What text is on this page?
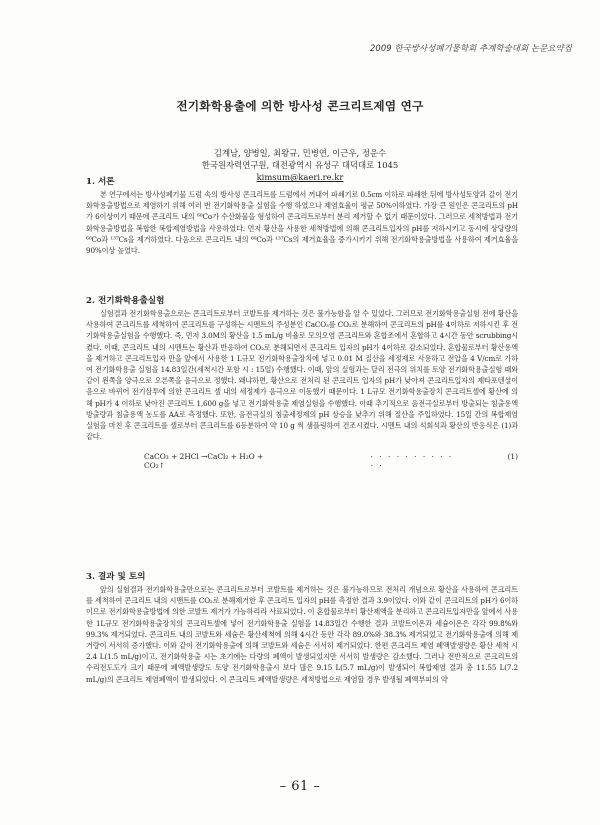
2009 한국방사성폐기물학회 추계학술대회 논문요약집

전기화학용출에 의한 방사성 콘크리트제염 연구

김계남, 양병일, 최왕규, 민병연, 이근우, 정운수
한국원자력연구원, 대전광역시 유성구 대덕대로 1045
kimsum@kaeri.re.kr

1. 서론

본 연구에서는 방사성폐기물 드럼 속의 방사성 콘크리트를 드럼에서 꺼내어 파쇄기로 0.5cm 이하로 파쇄한 뒤에 방사성토양과 같이 전기화학용출방법으로 제염하기 위해 여러 번 전기화학용출 실험을 수행 하였으나 제염효율이 평균 50%이하였다. 가장 큰 원인은 콘크리트의 pH가 6이상이기 때문에 콘크리트 내의 ⁶⁰Co가 수산화물을 형성하여 콘크리트로부터 분리 제거할 수 없기 때문이었다. 그러므로 세척방법과 전기화학용출방법을 복합한 복합제염방법을 사용하였다. 먼저 황산을 사용한 세척방법에 의해 콘크리트입자의 pH를 저하시키고 동시에 상당량의 ⁶⁰Co과 ¹³⁷Cs을 제거하였다. 다음으로 콘크리트 내의 ⁶⁰Co과 ¹³⁷Cs의 제거효율을 증가시키기 위해 전기화학용출방법을 사용하여 제거효율을 90%이상 높였다.

2. 전기화학용출실험

실험결과 전기화학용출으로는 콘크리트로부터 코발트를 제거하는 것은 불가능함을 알 수 있었다. 그러므로 전기화학용출실험 전에 황산을 사용하여 콘크리트를 세척하여 콘크리트를 구성하는 시멘트의 주성분인 CaCO₃를 CO₂로 분해하여 콘크리트의 pH를 4이하로 저하시킨 후 전기화학용출실험을 수행했다. 즉, 먼저 3.0M의 황산을 1.5 mL/g 비율로 모의오염 콘크리트와 혼합조에서 혼합하고 4시간 동안 scrubbing시켰다. 이때, 콘크리트 내의 시멘트는 황산과 반응하여 CO₂로 분해되면서 콘크리트 입자의 pH가 4이하로 감소되었다. 혼합물로부터 황산용액을 제거하고 콘크리트입자 만을 앞에서 사용한 1 L규모 전기화학용출장치에 넣고 0.01 M 질산을 세정제로 사용하고 전압을 4 V/cm로 가하여 전기화학용출 실험을 14.83일간(세척시간 포함 시 : 15일) 수행했다. 이때, 앞의 실험과는 달리 전극의 위치를 토양 전기화학용출실험 때와 같이 왼쪽을 양극으로 오른쪽을 음극으로 정했다. 왜냐하면, 황산으로 전처리 된 콘크리트 입자의 pH가 낮아져 콘크리트입자의 제타포텐셜이 음으로 바뀌어 전기삼투에 의한 콘크리트 셀 내의 세정제가 음극으로 이동했기 때문이다. 1 L규모 전기화학용출장치 콘크리트셀에 황산에 의해 pH가 4 이하로 낮아진 콘크리트 1,600 g을 넣고 전기화학용출 제염실험을 수행했다. 이때 추기적으로 음전극실로부터 방출되는 침출용액 방출량과 침출용액 농도를 AA로 측정했다. 또한, 음전극실의 침출세정제의 pH 상승을 낮추기 위해 질산을 주입하였다. 15일 간의 복합제염 실험을 마친 후 콘크리트를 셀로부터 콘크리트를 6등분하여 약 10 g 씩 샘플링하여 건조시켰다. 시멘트 내의 석회석과 황산의 반응식은 (1)과 같다.

CaCO₃ + 2HCl →CaCl₂ + H₂O + CO₂↑
· · · · · · · · · · · ·
(1)

3. 결과 및 토의

앞의 실험결과 전기화학용출만으로는 콘크리트로부터 코발트를 제거하는 것은 불가능하므로 전처리 개념으로 황산을 사용하여 콘크리트를 세척하여 콘크리트 내의 시멘트를 CO₂로 분해제거한 후 콘크리트 입자의 pH를 측정한 결과 3.9이었다. 이와 같이 콘크리트의 pH가 6이하이므로 전기화학용출방법에 의한 코발트 제거가 가능하리라 사료되었다. 이 혼합물로부터 황산제액을 분리하고 콘크리트입자만을 앞에서 사용한 1L규모 전기화학용출장치의 콘크리트셀에 넣어 전기화학용출 실험을 14.83일간 수행한 결과 코발트이온과 세슘이온은 각각 99.8%와 99.3% 제거되었다. 콘크리트 내의 코발트와 세슘은 황산세척에 의해 4시간 동안 각각 89.0%와 38.3% 제거되었고 전기화학용출에 의해 제거량이 서서히 증가했다. 이와 같이 전기화학용출에 의해 코발트와 세슘은 서서히 제거되었다. 한편 콘크리트 제염 폐액발생량은 황산 세척 시 2.4 L(1.5 mL/g)이고, 전기화학용출 시는 초기에는 다량의 폐액이 발생되었지만 서서히 발생량은 감소했다. 그러나 전반적으로 콘크리트의 수리전도도가 크기 때문에 폐액발생량도 토양 전기화학용출시 보다 많은 9.15 L(5.7 mL/g)이 발생되어 복합제염 결과 총 11.55 L(7.2 mL/g)의 콘크리트 제염폐액이 발생되었다. 이 콘크리트 폐액발생량은 세척방법으로 제염할 경우 발생될 폐액부피의 약

– 61 –
